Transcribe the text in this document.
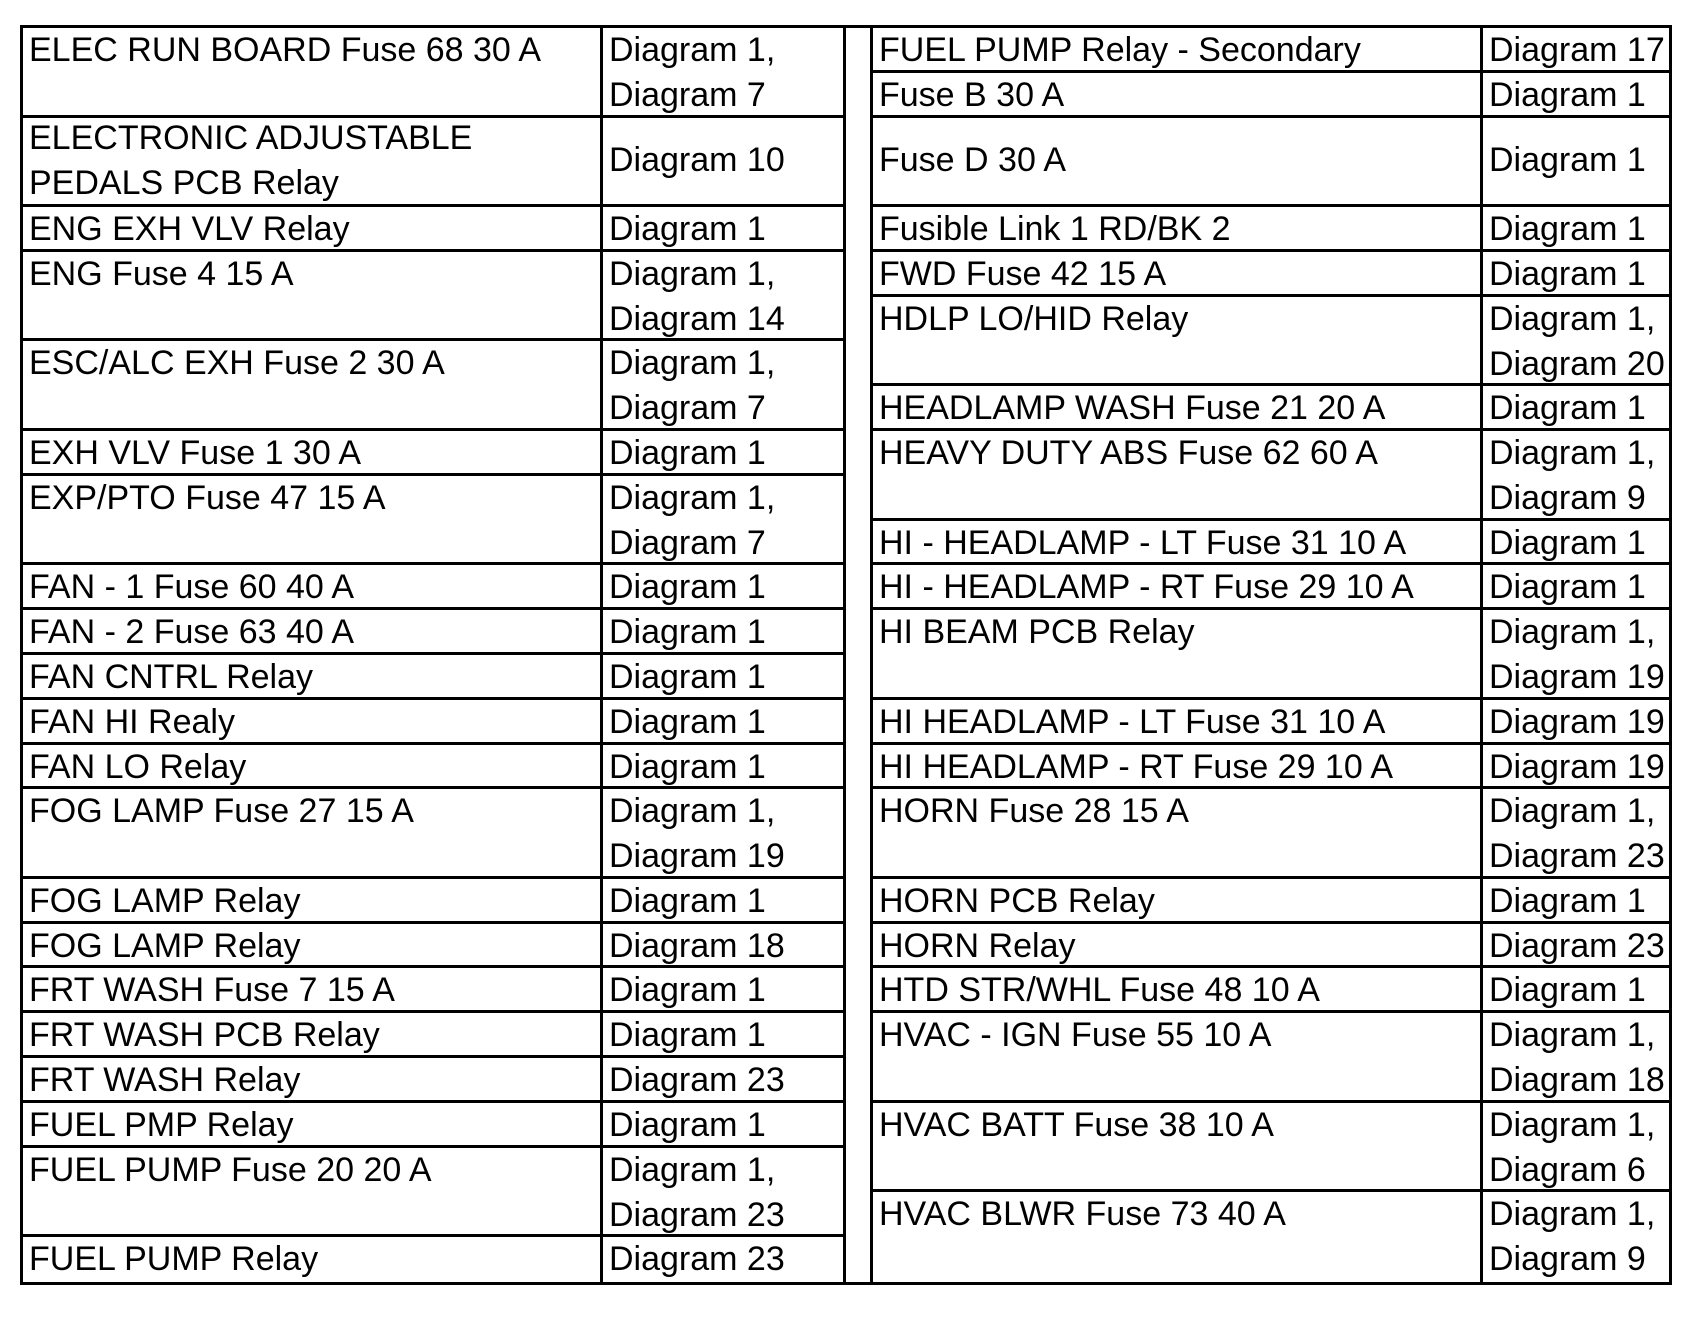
ELEC RUN BOARD Fuse 68 30 A	Diagram 1,
Diagram 7
ELECTRONIC ADJUSTABLE
PEDALS PCB Relay
Diagram 10
ENG EXH VLV Relay	Diagram 1
ENG Fuse 4 15 A	Diagram 1,
Diagram 14
ESC/ALC EXH Fuse 2 30 A	Diagram 1,
Diagram 7
EXH VLV Fuse 1 30 A	Diagram 1
EXP/PTO Fuse 47 15 A	Diagram 1,
Diagram 7
FAN - 1 Fuse 60 40 A	Diagram 1
FAN - 2 Fuse 63 40 A	Diagram 1
FAN CNTRL Relay	Diagram 1
FAN HI Realy	Diagram 1
FAN LO Relay	Diagram 1
FOG LAMP Fuse 27 15 A	Diagram 1,
Diagram 19
FOG LAMP Relay	Diagram 1
FOG LAMP Relay	Diagram 18
FRT WASH Fuse 7 15 A	Diagram 1
FRT WASH PCB Relay	Diagram 1
FRT WASH Relay	Diagram 23
FUEL PMP Relay	Diagram 1
FUEL PUMP Fuse 20 20 A	Diagram 1,
Diagram 23
FUEL PUMP Relay	Diagram 23
FUEL PUMP Relay - Secondary	Diagram 17
Fuse B 30 A	Diagram 1
Fuse D 30 A	Diagram 1
Fusible Link 1 RD/BK 2	Diagram 1
FWD Fuse 42 15 A	Diagram 1
HDLP LO/HID Relay	Diagram 1,
Diagram 20
HEADLAMP WASH Fuse 21 20 A	Diagram 1
HEAVY DUTY ABS Fuse 62 60 A	Diagram 1,
Diagram 9
HI - HEADLAMP - LT Fuse 31 10 A	Diagram 1
HI - HEADLAMP - RT Fuse 29 10 A	Diagram 1
HI BEAM PCB Relay	Diagram 1,
Diagram 19
HI HEADLAMP - LT Fuse 31 10 A	Diagram 19
HI HEADLAMP - RT Fuse 29 10 A	Diagram 19
HORN Fuse 28 15 A	Diagram 1,
Diagram 23
HORN PCB Relay	Diagram 1
HORN Relay	Diagram 23
HTD STR/WHL Fuse 48 10 A	Diagram 1
HVAC - IGN Fuse 55 10 A	Diagram 1,
Diagram 18
HVAC BATT Fuse 38 10 A	Diagram 1,
Diagram 6
HVAC BLWR Fuse 73 40 A	Diagram 1,
Diagram 9
